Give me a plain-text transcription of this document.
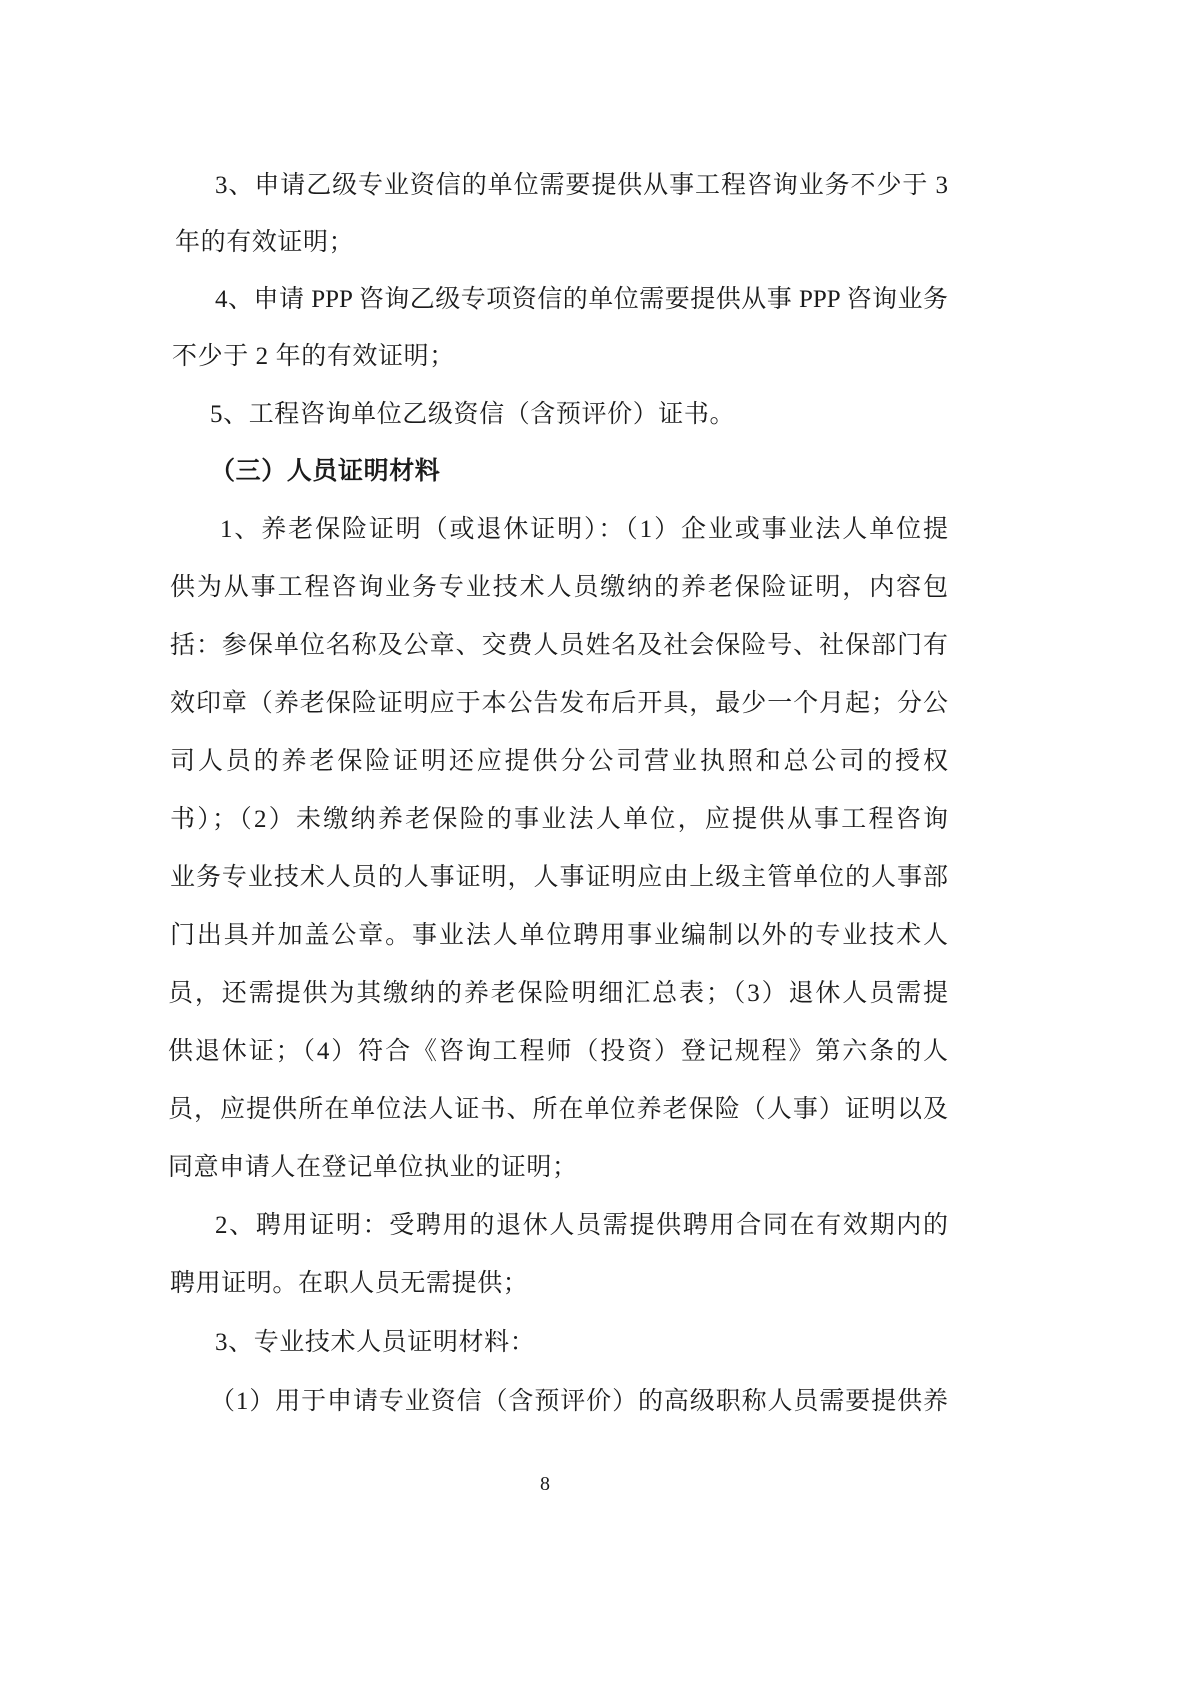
3、申请乙级专业资信的单位需要提供从事工程咨询业务不少于 3
年的有效证明；
4、申请 PPP 咨询乙级专项资信的单位需要提供从事 PPP 咨询业务
不少于 2 年的有效证明；
5、工程咨询单位乙级资信（含预评价）证书。
（三）人员证明材料
1、养老保险证明（或退休证明）：（1）企业或事业法人单位提
供为从事工程咨询业务专业技术人员缴纳的养老保险证明，内容包
括：参保单位名称及公章、交费人员姓名及社会保险号、社保部门有
效印章（养老保险证明应于本公告发布后开具，最少一个月起；分公
司人员的养老保险证明还应提供分公司营业执照和总公司的授权
书）；（2）未缴纳养老保险的事业法人单位，应提供从事工程咨询
业务专业技术人员的人事证明，人事证明应由上级主管单位的人事部
门出具并加盖公章。事业法人单位聘用事业编制以外的专业技术人
员，还需提供为其缴纳的养老保险明细汇总表；（3）退休人员需提
供退休证；（4）符合《咨询工程师（投资）登记规程》第六条的人
员，应提供所在单位法人证书、所在单位养老保险（人事）证明以及
同意申请人在登记单位执业的证明；
2、聘用证明：受聘用的退休人员需提供聘用合同在有效期内的
聘用证明。在职人员无需提供；
3、专业技术人员证明材料：
（1）用于申请专业资信（含预评价）的高级职称人员需要提供养
8
